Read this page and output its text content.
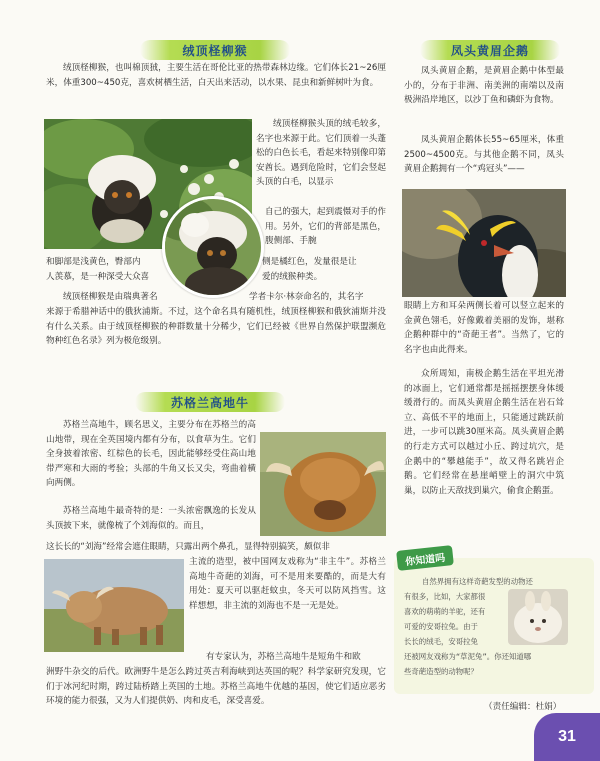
绒顶柽柳猴

绒顶柽柳猴，也叫棉顶狨，主要生活在哥伦比亚的热带森林边缘。它们体长21~26厘米，体重300~450克，喜欢树栖生活，白天出来活动，以水果、昆虫和新鲜树叶为食。

绒顶柽柳猴头顶的绒毛较多，名字也来源于此。它们顶着一头蓬松的白色长毛，看起来特别像印第安酋长。遇到危险时，它们会竖起头顶的白毛，以显示

自己的强大，起到震慑对手的作用。另外，它们的背部是黑色，腹侧部、手腕

和脚部是浅黄色，臀部内	侧是橘红色，发量很是让

人羡慕，是一种深受大众喜	爱的绒猴种类。

绒顶柽柳猴是由瑞典著名	学者卡尔·林奈命名的，其名字

来源于希腊神话中的俄狄浦斯。不过，这个命名具有随机性，绒顶柽柳猴和俄狄浦斯并没有什么关系。由于绒顶柽柳猴的种群数量十分稀少，它们已经被《世界自然保护联盟濒危物种红色名录》列为极危级别。

苏格兰高地牛

苏格兰高地牛，顾名思义，主要分布在苏格兰的高山地带，现在全英国境内都有分布，以食草为生。它们全身披着浓密、红棕色的长毛，因此能够经受住高山地带严寒和大雨的考验；头部的牛角又长又尖，弯曲着横向两侧。

苏格兰高地牛最奇特的是：一头浓密飘逸的长发从头顶披下来，就像梳了个刘海似的。而且，

这长长的“刘海”经常会遮住眼睛，只露出两个鼻孔，显得特别搞笑，颇似非

主流的造型，被中国网友戏称为“非主牛”。苏格兰高地牛奇葩的刘海，可不是用来要酷的，而是大有用处：夏天可以驱赶蚊虫，冬天可以防风挡雪。这样想想，非主流的刘海也不是一无是处。

有专家认为，苏格兰高地牛是短角牛和欧

洲野牛杂交的后代。欧洲野牛是怎么跨过英吉利海峡到达英国的呢？科学家研究发现，它们于冰河纪时期，跨过陆桥踏上英国的土地。苏格兰高地牛优越的基因，使它们适应恶劣环境的能力很强，又为人们提供奶、肉和皮毛，深受喜爱。

凤头黄眉企鹅

凤头黄眉企鹅，是黄眉企鹅中体型最小的，分布于非洲、南美洲的南端以及南极洲沿岸地区，以沙丁鱼和磷虾为食物。

凤头黄眉企鹅体长55~65厘米，体重2500~4500克。与其他企鹅不同，凤头黄眉企鹅拥有一个“鸡冠头”——

眼睛上方和耳朵两侧长着可以竖立起来的金黄色翎毛，好像戴着美丽的发饰，堪称企鹅种群中的“奇葩王者”。当然了，它的名字也由此得来。

众所周知，南极企鹅生活在平坦光滑的冰面上，它们通常都是摇摇摆摆身体缓缓滑行的。而凤头黄眉企鹅生活在岩石耸立、高低不平的地面上，只能通过跳跃前进，一步可以跳30厘米高。凤头黄眉企鹅的行走方式可以越过小丘、跨过坑穴，是企鹅中的“攀越能手”，故又得名跳岩企鹅。它们经常在悬崖峭壁上的洞穴中筑巢，以防止天敌找到巢穴，偷食企鹅蛋。

你知道吗

自然界拥有这样奇葩发型的动物还

有很多，比如，大家都很

喜欢的萌萌的羊驼，还有

可爱的安哥拉兔。由于

长长的绒毛，安哥拉兔

还被网友戏称为“草泥兔”。你还知道哪

些奇葩造型的动物呢？

（责任编辑：杜娟）
31
